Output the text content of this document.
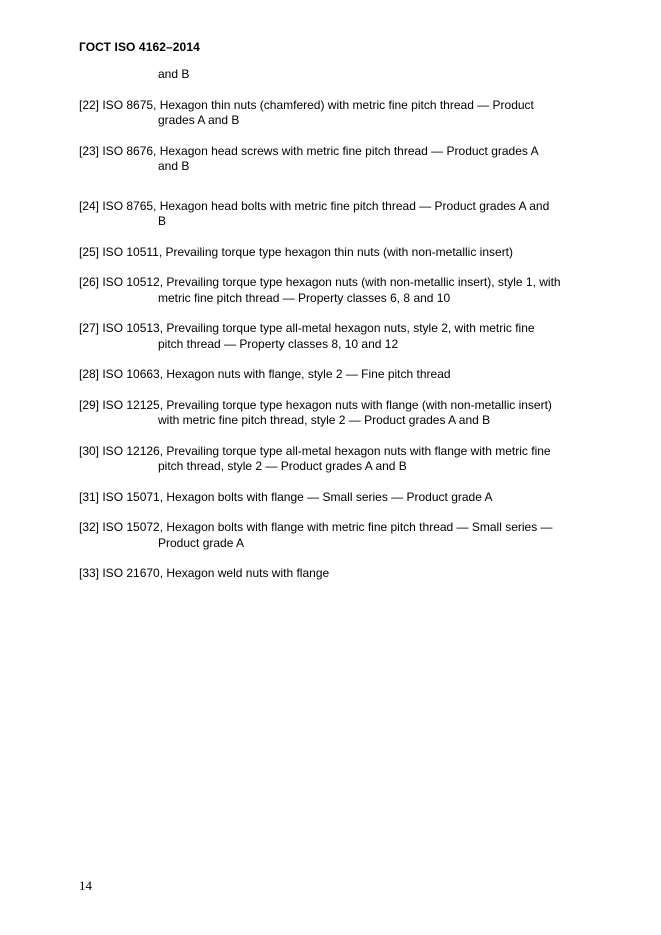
ГОСТ ISO 4162–2014
and B
[22] ISO 8675, Hexagon thin nuts (chamfered) with metric fine pitch thread — Product
grades A and B
[23] ISO 8676, Hexagon head screws with metric fine pitch thread — Product grades A
and B
[24] ISO 8765, Hexagon head bolts with metric fine pitch thread — Product grades A and
B
[25] ISO 10511, Prevailing torque type hexagon thin nuts (with non-metallic insert)
[26] ISO 10512, Prevailing torque type hexagon nuts (with non-metallic insert), style 1, with
metric fine pitch thread — Property classes 6, 8 and 10
[27] ISO 10513, Prevailing torque type all-metal hexagon nuts, style 2, with metric fine
pitch thread — Property classes 8, 10 and 12
[28] ISO 10663, Hexagon nuts with flange, style 2 — Fine pitch thread
[29] ISO 12125, Prevailing torque type hexagon nuts with flange (with non-metallic insert)
with metric fine pitch thread, style 2 — Product grades A and B
[30] ISO 12126, Prevailing torque type all-metal hexagon nuts with flange with metric fine
pitch thread, style 2 — Product grades A and B
[31] ISO 15071, Hexagon bolts with flange — Small series — Product grade A
[32] ISO 15072, Hexagon bolts with flange with metric fine pitch thread — Small series —
Product grade A
[33] ISO 21670, Hexagon weld nuts with flange
14
